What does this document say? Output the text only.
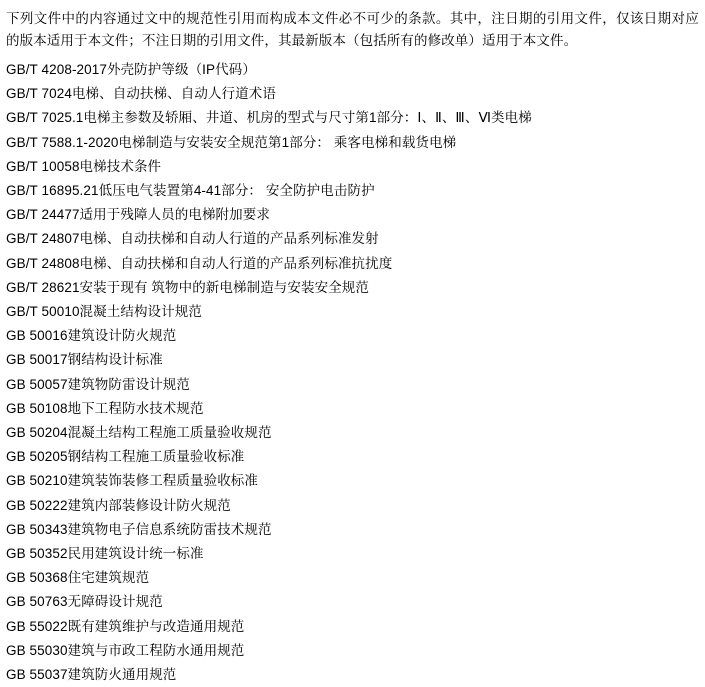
下列文件中的内容通过文中的规范性引用而构成本文件必不可少的条款。其中，注日期的引用文件，仅该日期对应的版本适用于本文件；不注日期的引用文件，其最新版本（包括所有的修改单）适用于本文件。

GB/T 4208-2017外壳防护等级（IP代码）
GB/T 7024电梯、自动扶梯、自动人行道术语
GB/T 7025.1电梯主参数及轿厢、井道、机房的型式与尺寸第1部分：Ⅰ、Ⅱ、Ⅲ、Ⅵ类电梯
GB/T 7588.1-2020电梯制造与安装安全规范第1部分： 乘客电梯和载货电梯
GB/T 10058电梯技术条件
GB/T 16895.21低压电气装置第4-41部分： 安全防护电击防护
GB/T 24477适用于残障人员的电梯附加要求
GB/T 24807电梯、自动扶梯和自动人行道的产品系列标准发射
GB/T 24808电梯、自动扶梯和自动人行道的产品系列标准抗扰度
GB/T 28621安装于现有 筑物中的新电梯制造与安装安全规范
GB/T 50010混凝土结构设计规范
GB 50016建筑设计防火规范
GB 50017钢结构设计标准
GB 50057建筑物防雷设计规范
GB 50108地下工程防水技术规范
GB 50204混凝土结构工程施工质量验收规范
GB 50205钢结构工程施工质量验收标准
GB 50210建筑装饰装修工程质量验收标准
GB 50222建筑内部装修设计防火规范
GB 50343建筑物电子信息系统防雷技术规范
GB 50352民用建筑设计统一标准
GB 50368住宅建筑规范
GB 50763无障碍设计规范
GB 55022既有建筑维护与改造通用规范
GB 55030建筑与市政工程防水通用规范
GB 55037建筑防火通用规范
